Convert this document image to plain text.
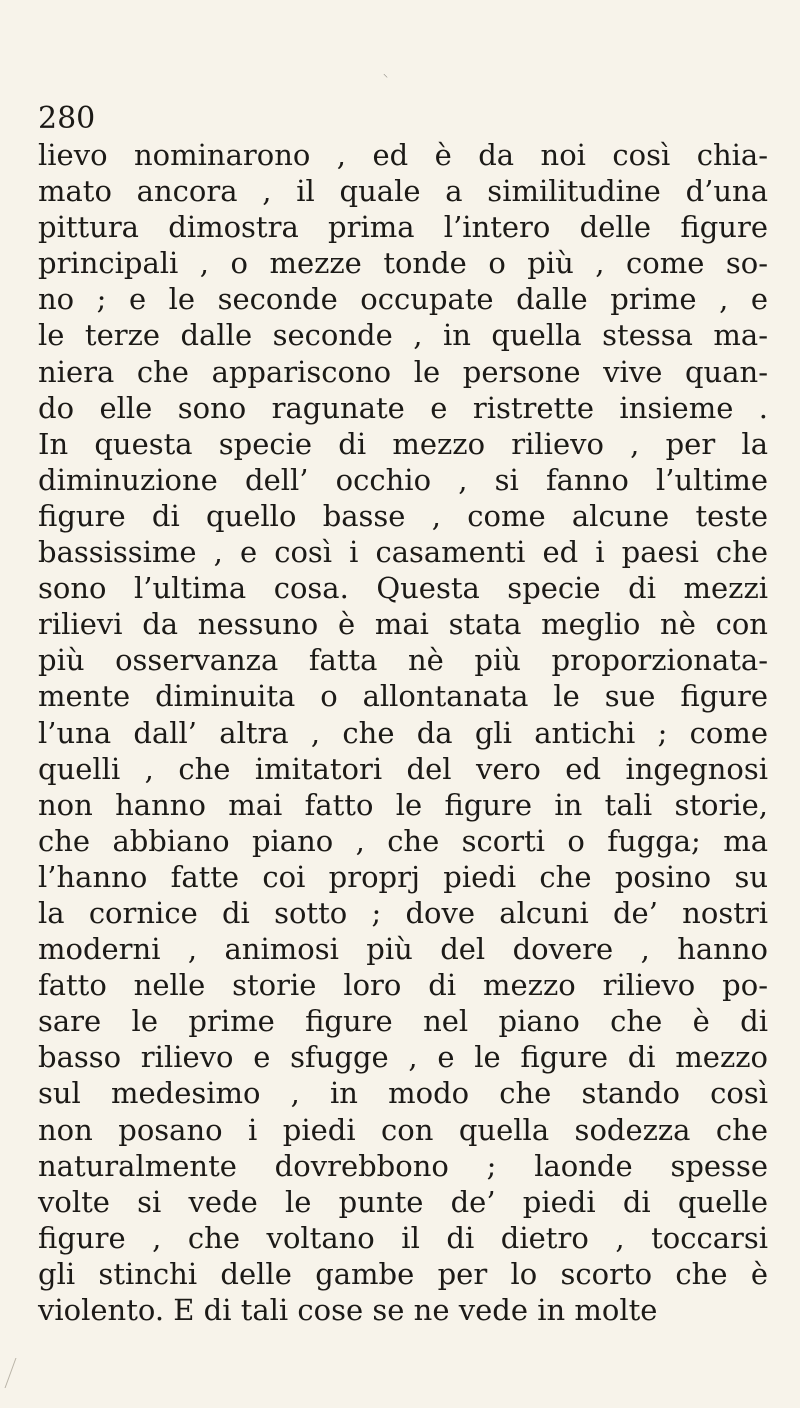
⸌
280
lievo nominarono , ed è da noi così chia-
mato ancora , il quale a similitudine d’una
pittura dimostra prima l’intero delle figure
principali , o mezze tonde o più , come so-
no ; e le seconde occupate dalle prime , e
le terze dalle seconde , in quella stessa ma-
niera che appariscono le persone vive quan-
do elle sono ragunate e ristrette insieme .
In questa specie di mezzo rilievo , per la
diminuzione dell’ occhio , si fanno l’ultime
figure di quello basse , come alcune teste
bassissime , e così i casamenti ed i paesi che
sono l’ultima cosa. Questa specie di mezzi
rilievi da nessuno è mai stata meglio nè con
più osservanza fatta nè più proporzionata-
mente diminuita o allontanata le sue figure
l’una dall’ altra , che da gli antichi ; come
quelli , che imitatori del vero ed ingegnosi
non hanno mai fatto le figure in tali storie,
che abbiano piano , che scorti o fugga; ma
l’hanno fatte coi proprj piedi che posino su
la cornice di sotto ; dove alcuni de’ nostri
moderni , animosi più del dovere , hanno
fatto nelle storie loro di mezzo rilievo po-
sare le prime figure nel piano che è di
basso rilievo e sfugge , e le figure di mezzo
sul medesimo , in modo che stando così
non posano i piedi con quella sodezza che
naturalmente dovrebbono ; laonde spesse
volte si vede le punte de’ piedi di quelle
figure , che voltano il di dietro , toccarsi
gli stinchi delle gambe per lo scorto che è
violento. E di tali cose se ne vede in molte
